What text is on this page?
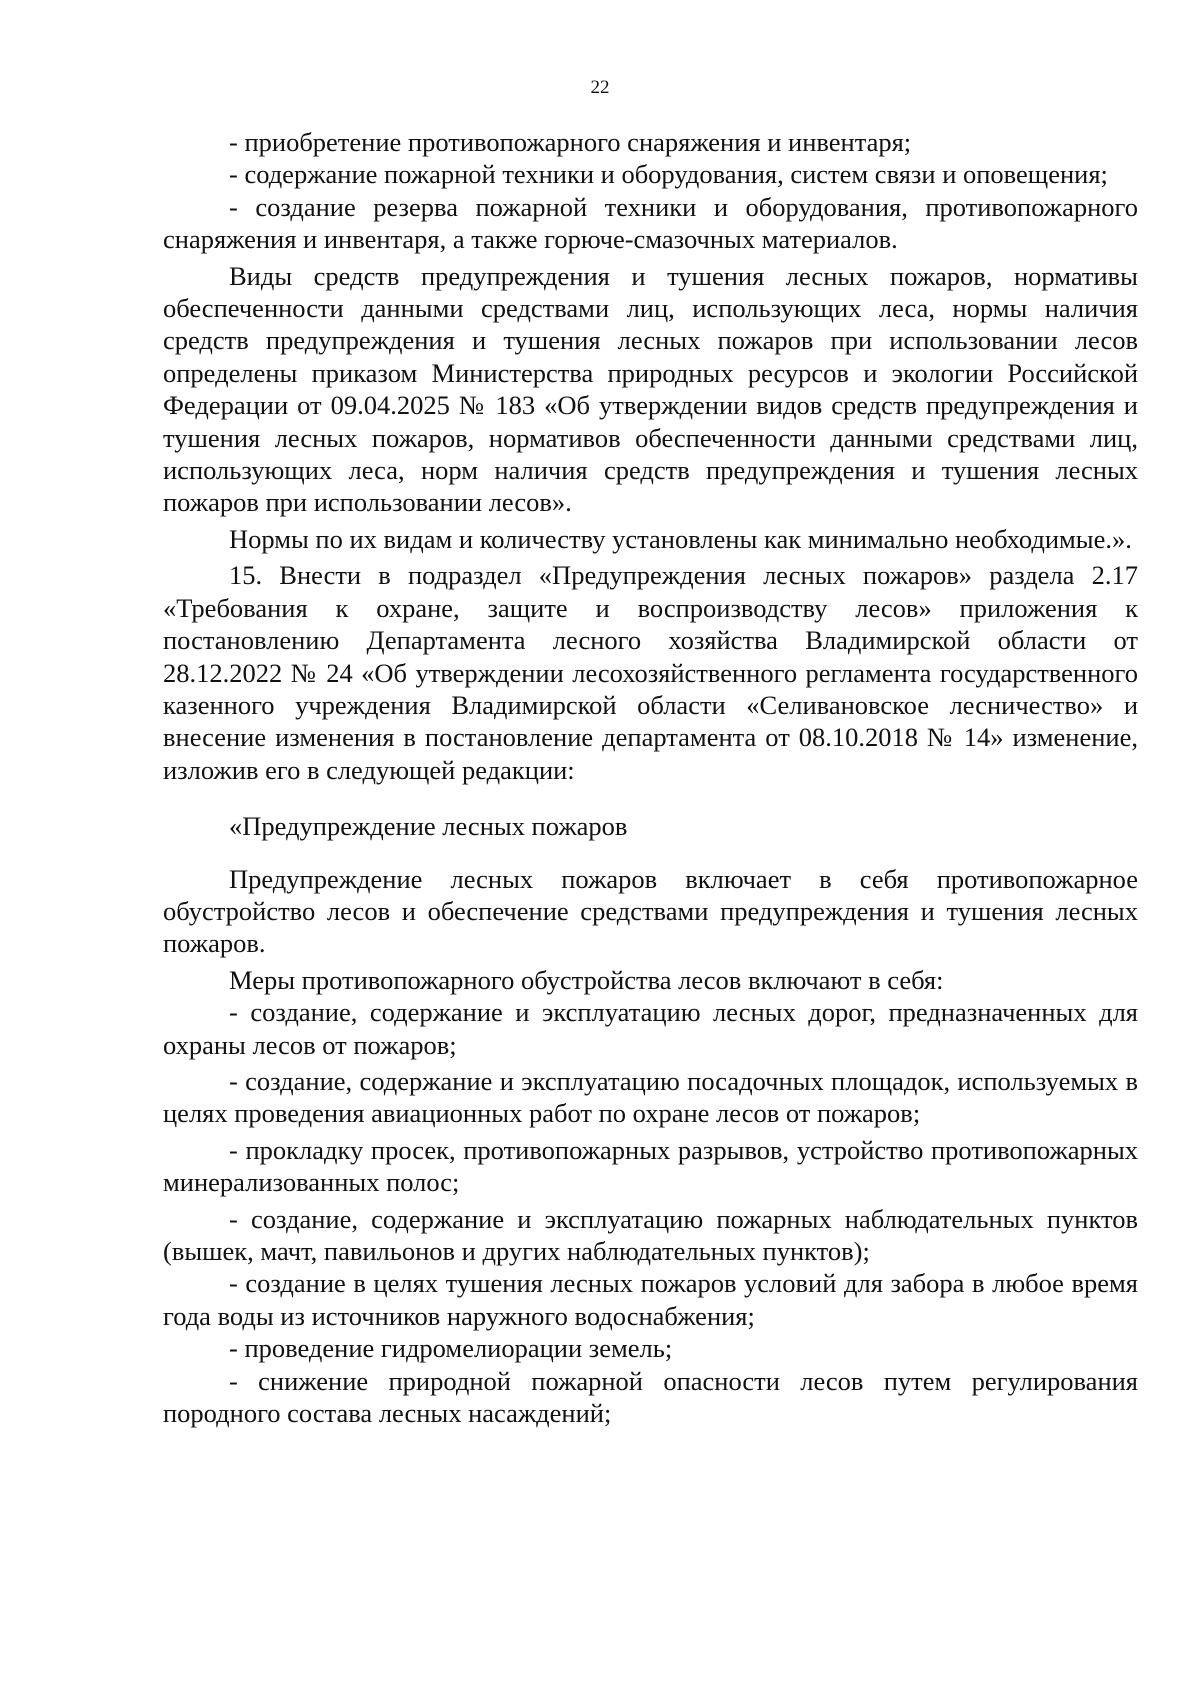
22

- приобретение противопожарного снаряжения и инвентаря;

- содержание пожарной техники и оборудования, систем связи и оповещения;

- создание резерва пожарной техники и оборудования, противопожарного снаряжения и инвентаря, а также горюче-смазочных материалов.

Виды средств предупреждения и тушения лесных пожаров, нормативы обеспеченности данными средствами лиц, использующих леса, нормы наличия средств предупреждения и тушения лесных пожаров при использовании лесов определены приказом Министерства природных ресурсов и экологии Российской Федерации от 09.04.2025 № 183 «Об утверждении видов средств предупреждения и тушения лесных пожаров, нормативов обеспеченности данными средствами лиц, использующих леса, норм наличия средств предупреждения и тушения лесных пожаров при использовании лесов».

Нормы по их видам и количеству установлены как минимально необходимые.».

15. Внести в подраздел «Предупреждения лесных пожаров» раздела 2.17 «Требования к охране, защите и воспроизводству лесов» приложения к постановлению Департамента лесного хозяйства Владимирской области от 28.12.2022 № 24 «Об утверждении лесохозяйственного регламента государственного казенного учреждения Владимирской области «Селивановское лесничество» и внесение изменения в постановление департамента от 08.10.2018 № 14» изменение, изложив его в следующей редакции:

«Предупреждение лесных пожаров

Предупреждение лесных пожаров включает в себя противопожарное обустройство лесов и обеспечение средствами предупреждения и тушения лесных пожаров.

Меры противопожарного обустройства лесов включают в себя:

- создание, содержание и эксплуатацию лесных дорог, предназначенных для охраны лесов от пожаров;

- создание, содержание и эксплуатацию посадочных площадок, используемых в целях проведения авиационных работ по охране лесов от пожаров;

- прокладку просек, противопожарных разрывов, устройство противопожарных минерализованных полос;

- создание, содержание и эксплуатацию пожарных наблюдательных пунктов (вышек, мачт, павильонов и других наблюдательных пунктов);

- создание в целях тушения лесных пожаров условий для забора в любое время года воды из источников наружного водоснабжения;

- проведение гидромелиорации земель;

- снижение природной пожарной опасности лесов путем регулирования породного состава лесных насаждений;
